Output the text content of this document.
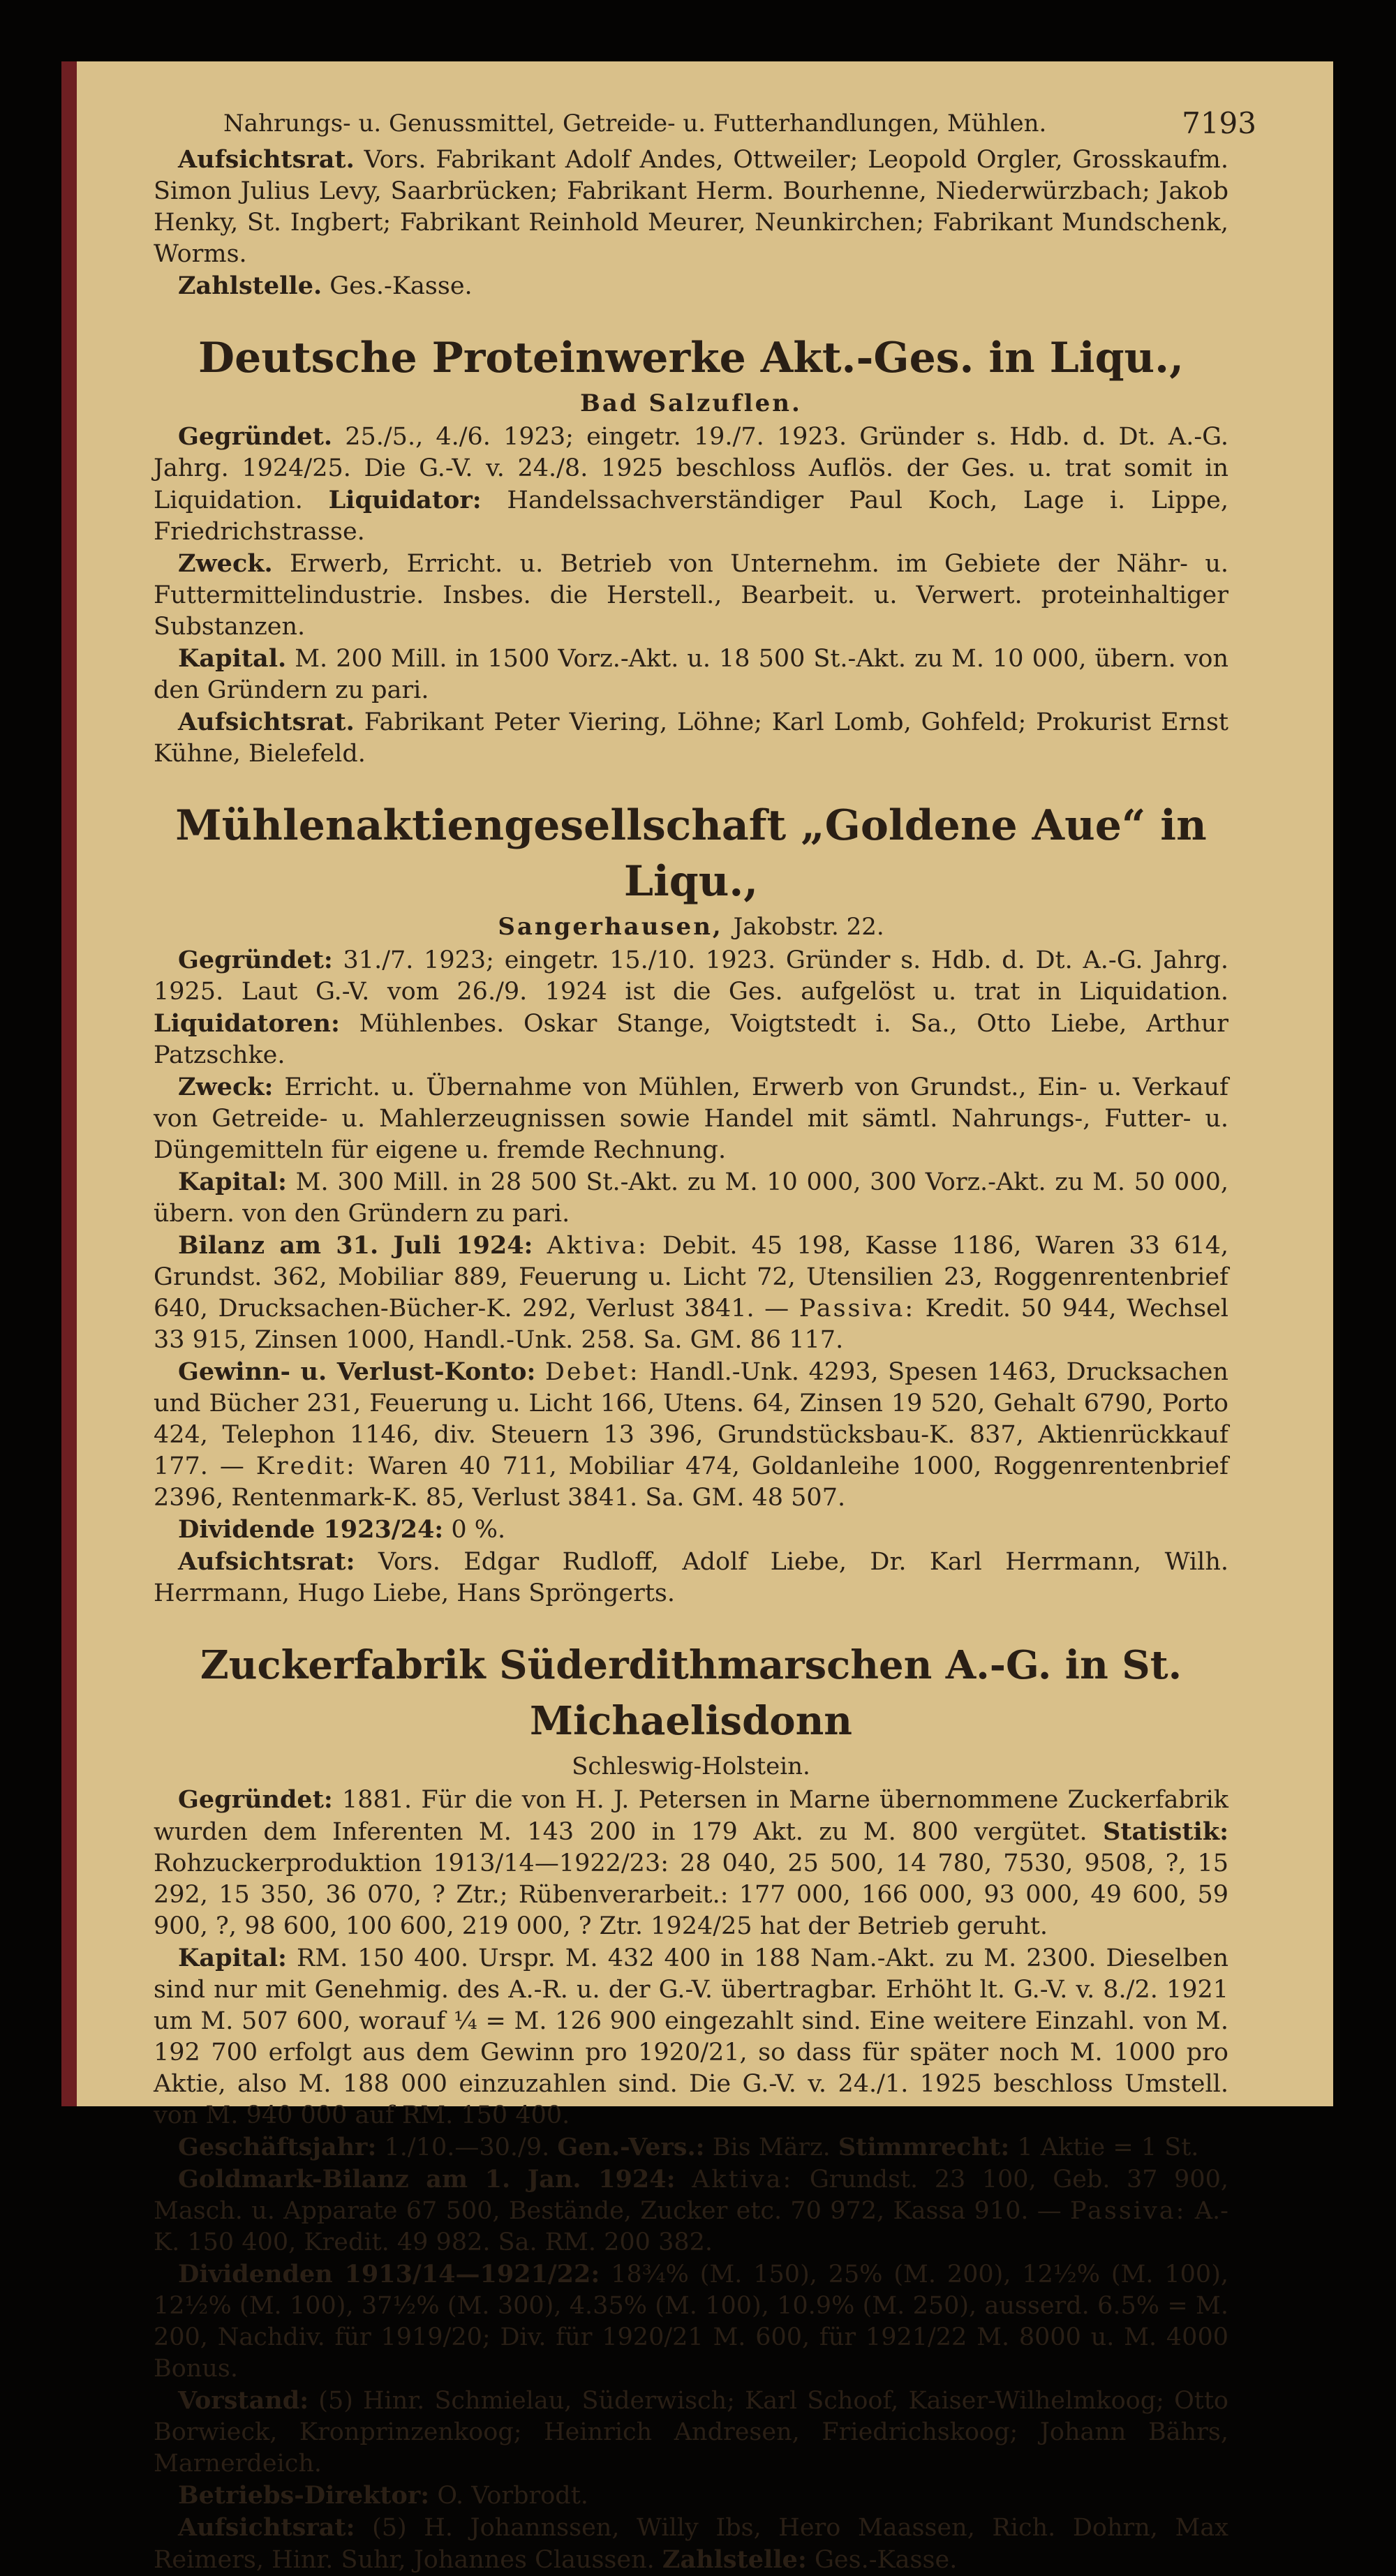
Nahrungs- u. Genussmittel, Getreide- u. Futterhandlungen, Mühlen.	7193

 Aufsichtsrat. Vors. Fabrikant Adolf Andes, Ottweiler; Leopold Orgler, Grosskaufm. Simon Julius Levy, Saarbrücken; Fabrikant Herm. Bourhenne, Niederwürzbach; Jakob Henky, St. Ingbert; Fabrikant Reinhold Meurer, Neunkirchen; Fabrikant Mundschenk, Worms.

 Zahlstelle. Ges.-Kasse.

Deutsche Proteinwerke Akt.-Ges. in Liqu.,
Bad Salzuflen.

 Gegründet. 25./5., 4./6. 1923; eingetr. 19./7. 1923. Gründer s. Hdb. d. Dt. A.-G. Jahrg. 1924/25. Die G.-V. v. 24./8. 1925 beschloss Auflös. der Ges. u. trat somit in Liquidation. Liquidator: Handelssachverständiger Paul Koch, Lage i. Lippe, Friedrichstrasse.

 Zweck. Erwerb, Erricht. u. Betrieb von Unternehm. im Gebiete der Nähr- u. Futtermittelindustrie. Insbes. die Herstell., Bearbeit. u. Verwert. proteinhaltiger Substanzen.

 Kapital. M. 200 Mill. in 1500 Vorz.-Akt. u. 18 500 St.-Akt. zu M. 10 000, übern. von den Gründern zu pari.

 Aufsichtsrat. Fabrikant Peter Viering, Löhne; Karl Lomb, Gohfeld; Prokurist Ernst Kühne, Bielefeld.

Mühlenaktiengesellschaft „Goldene Aue“ in Liqu.,
Sangerhausen, Jakobstr. 22.

 Gegründet: 31./7. 1923; eingetr. 15./10. 1923. Gründer s. Hdb. d. Dt. A.-G. Jahrg. 1925. Laut G.-V. vom 26./9. 1924 ist die Ges. aufgelöst u. trat in Liquidation. Liquidatoren: Mühlenbes. Oskar Stange, Voigtstedt i. Sa., Otto Liebe, Arthur Patzschke.

 Zweck: Erricht. u. Übernahme von Mühlen, Erwerb von Grundst., Ein- u. Verkauf von Getreide- u. Mahlerzeugnissen sowie Handel mit sämtl. Nahrungs-, Futter- u. Düngemitteln für eigene u. fremde Rechnung.

 Kapital: M. 300 Mill. in 28 500 St.-Akt. zu M. 10 000, 300 Vorz.-Akt. zu M. 50 000, übern. von den Gründern zu pari.

 Bilanz am 31. Juli 1924: Aktiva: Debit. 45 198, Kasse 1186, Waren 33 614, Grundst. 362, Mobiliar 889, Feuerung u. Licht 72, Utensilien 23, Roggenrentenbrief 640, Drucksachen-Bücher-K. 292, Verlust 3841. — Passiva: Kredit. 50 944, Wechsel 33 915, Zinsen 1000, Handl.-Unk. 258. Sa. GM. 86 117.

 Gewinn- u. Verlust-Konto: Debet: Handl.-Unk. 4293, Spesen 1463, Drucksachen und Bücher 231, Feuerung u. Licht 166, Utens. 64, Zinsen 19 520, Gehalt 6790, Porto 424, Telephon 1146, div. Steuern 13 396, Grundstücksbau-K. 837, Aktienrückkauf 177. — Kredit: Waren 40 711, Mobiliar 474, Goldanleihe 1000, Roggenrentenbrief 2396, Rentenmark-K. 85, Verlust 3841. Sa. GM. 48 507.

 Dividende 1923/24: 0 %.

 Aufsichtsrat: Vors. Edgar Rudloff, Adolf Liebe, Dr. Karl Herrmann, Wilh. Herrmann, Hugo Liebe, Hans Spröngerts.

Zuckerfabrik Süderdithmarschen A.-G. in St. Michaelisdonn
Schleswig-Holstein.

 Gegründet: 1881. Für die von H. J. Petersen in Marne übernommene Zuckerfabrik wurden dem Inferenten M. 143 200 in 179 Akt. zu M. 800 vergütet. Statistik: Rohzuckerproduktion 1913/14—1922/23: 28 040, 25 500, 14 780, 7530, 9508, ?, 15 292, 15 350, 36 070, ? Ztr.; Rübenverarbeit.: 177 000, 166 000, 93 000, 49 600, 59 900, ?, 98 600, 100 600, 219 000, ? Ztr. 1924/25 hat der Betrieb geruht.

 Kapital: RM. 150 400. Urspr. M. 432 400 in 188 Nam.-Akt. zu M. 2300. Dieselben sind nur mit Genehmig. des A.-R. u. der G.-V. übertragbar. Erhöht lt. G.-V. v. 8./2. 1921 um M. 507 600, worauf ¼ = M. 126 900 eingezahlt sind. Eine weitere Einzahl. von M. 192 700 erfolgt aus dem Gewinn pro 1920/21, so dass für später noch M. 1000 pro Aktie, also M. 188 000 einzuzahlen sind. Die G.-V. v. 24./1. 1925 beschloss Umstell. von M. 940 000 auf RM. 150 400.

 Geschäftsjahr: 1./10.—30./9. Gen.-Vers.: Bis März. Stimmrecht: 1 Aktie = 1 St.

 Goldmark-Bilanz am 1. Jan. 1924: Aktiva: Grundst. 23 100, Geb. 37 900, Masch. u. Apparate 67 500, Bestände, Zucker etc. 70 972, Kassa 910. — Passiva: A.-K. 150 400, Kredit. 49 982. Sa. RM. 200 382.

 Dividenden 1913/14—1921/22: 18¾% (M. 150), 25% (M. 200), 12½% (M. 100), 12½% (M. 100), 37½% (M. 300), 4.35% (M. 100), 10.9% (M. 250), ausserd. 6.5% = M. 200, Nachdiv. für 1919/20; Div. für 1920/21 M. 600, für 1921/22 M. 8000 u. M. 4000 Bonus.

 Vorstand: (5) Hinr. Schmielau, Süderwisch; Karl Schoof, Kaiser-Wilhelmkoog; Otto Borwieck, Kronprinzenkoog; Heinrich Andresen, Friedrichskoog; Johann Bährs, Marnerdeich.

 Betriebs-Direktor: O. Vorbrodt.

 Aufsichtsrat: (5) H. Johannssen, Willy Ibs, Hero Maassen, Rich. Dohrn, Max Reimers, Hinr. Suhr, Johannes Claussen. Zahlstelle: Ges.-Kasse.
